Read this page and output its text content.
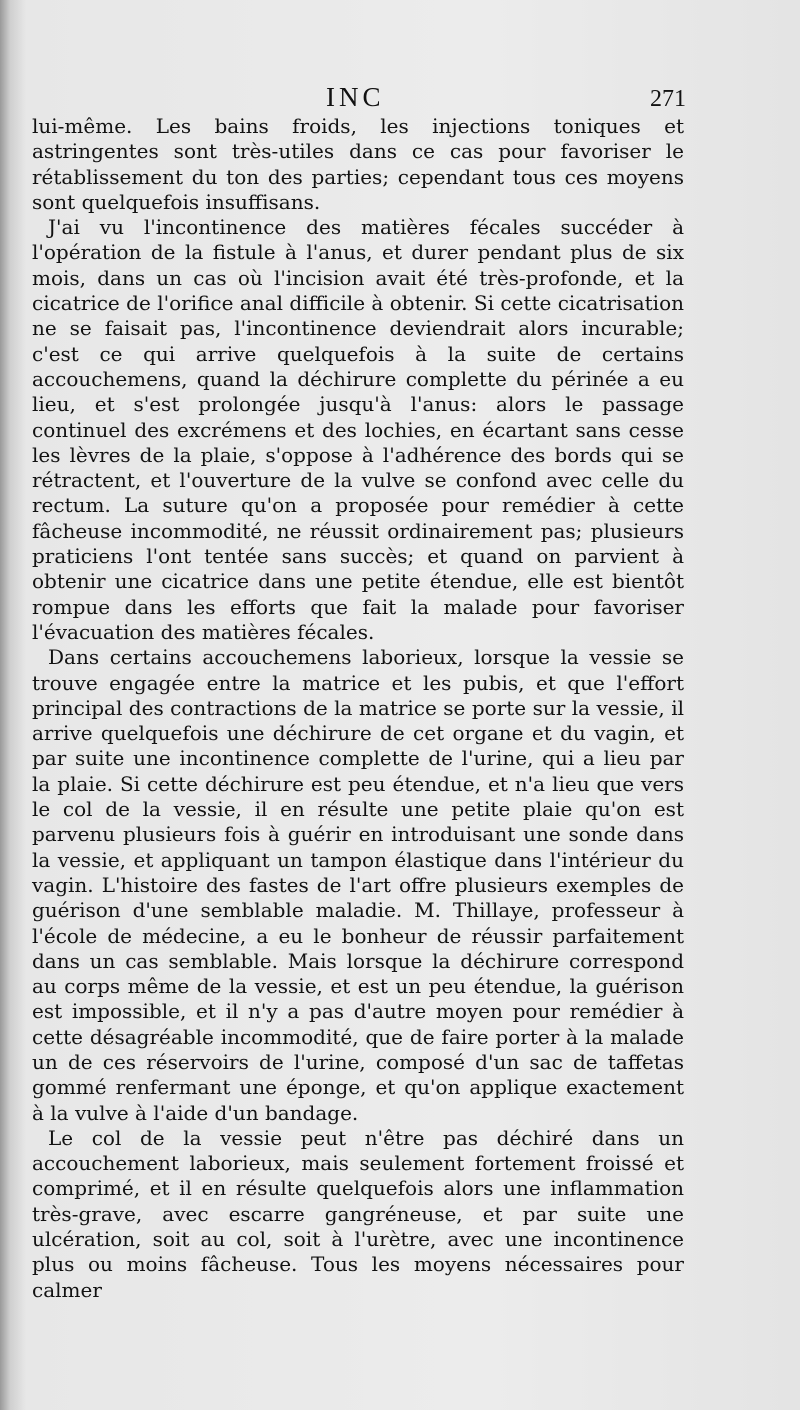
INC	271

lui-même. Les bains froids, les injections toniques et astringentes sont très-utiles dans ce cas pour favoriser le rétablissement du ton des parties; cependant tous ces moyens sont quelquefois insuffisans.

J'ai vu l'incontinence des matières fécales succéder à l'opération de la fistule à l'anus, et durer pendant plus de six mois, dans un cas où l'incision avait été très-profonde, et la cicatrice de l'orifice anal difficile à obtenir. Si cette cicatrisation ne se faisait pas, l'incontinence deviendrait alors incurable; c'est ce qui arrive quelquefois à la suite de certains accouchemens, quand la déchirure complette du périnée a eu lieu, et s'est prolongée jusqu'à l'anus: alors le passage continuel des excrémens et des lochies, en écartant sans cesse les lèvres de la plaie, s'oppose à l'adhérence des bords qui se rétractent, et l'ouverture de la vulve se confond avec celle du rectum. La suture qu'on a proposée pour remédier à cette fâcheuse incommodité, ne réussit ordinairement pas; plusieurs praticiens l'ont tentée sans succès; et quand on parvient à obtenir une cicatrice dans une petite étendue, elle est bientôt rompue dans les efforts que fait la malade pour favoriser l'évacuation des matières fécales.

Dans certains accouchemens laborieux, lorsque la vessie se trouve engagée entre la matrice et les pubis, et que l'effort principal des contractions de la matrice se porte sur la vessie, il arrive quelquefois une déchirure de cet organe et du vagin, et par suite une incontinence complette de l'urine, qui a lieu par la plaie. Si cette déchirure est peu étendue, et n'a lieu que vers le col de la vessie, il en résulte une petite plaie qu'on est parvenu plusieurs fois à guérir en introduisant une sonde dans la vessie, et appliquant un tampon élastique dans l'intérieur du vagin. L'histoire des fastes de l'art offre plusieurs exemples de guérison d'une semblable maladie. M. Thillaye, professeur à l'école de médecine, a eu le bonheur de réussir parfaitement dans un cas semblable. Mais lorsque la déchirure correspond au corps même de la vessie, et est un peu étendue, la guérison est impossible, et il n'y a pas d'autre moyen pour remédier à cette désagréable incommodité, que de faire porter à la malade un de ces réservoirs de l'urine, composé d'un sac de taffetas gommé renfermant une éponge, et qu'on applique exactement à la vulve à l'aide d'un bandage.

Le col de la vessie peut n'être pas déchiré dans un accouchement laborieux, mais seulement fortement froissé et comprimé, et il en résulte quelquefois alors une inflammation très-grave, avec escarre gangréneuse, et par suite une ulcération, soit au col, soit à l'urètre, avec une incontinence plus ou moins fâcheuse. Tous les moyens nécessaires pour calmer
